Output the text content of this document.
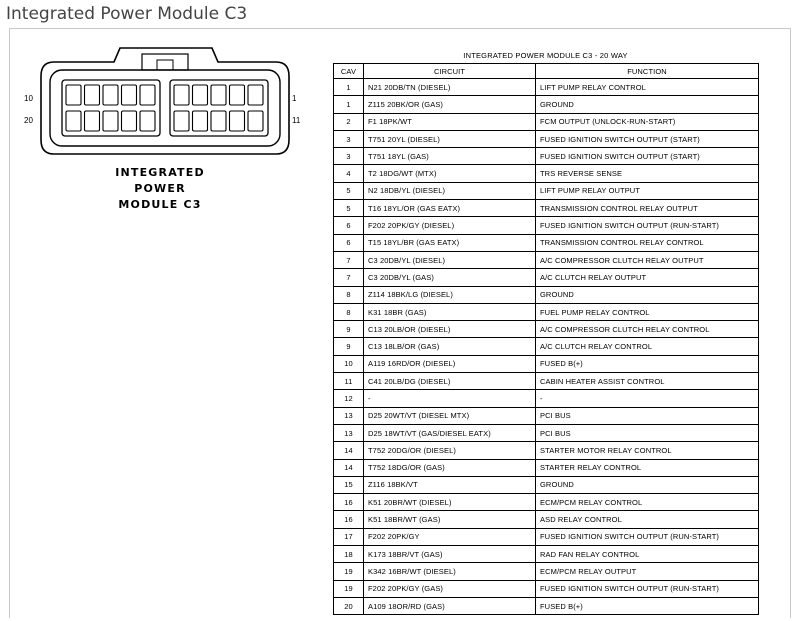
Integrated Power Module C3
10
20
1
11
INTEGRATED
POWER
MODULE C3
INTEGRATED POWER MODULE C3 - 20 WAY
CAV	CIRCUIT	FUNCTION
1	N21 20DB/TN (DIESEL)	LIFT PUMP RELAY CONTROL
1	Z115 20BK/OR (GAS)	GROUND
2	F1 18PK/WT	FCM OUTPUT (UNLOCK-RUN-START)
3	T751 20YL (DIESEL)	FUSED IGNITION SWITCH OUTPUT (START)
3	T751 18YL (GAS)	FUSED IGNITION SWITCH OUTPUT (START)
4	T2 18DG/WT (MTX)	TRS REVERSE SENSE
5	N2 18DB/YL (DIESEL)	LIFT PUMP RELAY OUTPUT
5	T16 18YL/OR (GAS EATX)	TRANSMISSION CONTROL RELAY OUTPUT
6	F202 20PK/GY (DIESEL)	FUSED IGNITION SWITCH OUTPUT (RUN-START)
6	T15 18YL/BR (GAS EATX)	TRANSMISSION CONTROL RELAY CONTROL
7	C3 20DB/YL (DIESEL)	A/C COMPRESSOR CLUTCH RELAY OUTPUT
7	C3 20DB/YL (GAS)	A/C CLUTCH RELAY OUTPUT
8	Z114 18BK/LG (DIESEL)	GROUND
8	K31 18BR (GAS)	FUEL PUMP RELAY CONTROL
9	C13 20LB/OR (DIESEL)	A/C COMPRESSOR CLUTCH RELAY CONTROL
9	C13 18LB/OR (GAS)	A/C CLUTCH RELAY CONTROL
10	A119 16RD/OR (DIESEL)	FUSED B(+)
11	C41 20LB/DG (DIESEL)	CABIN HEATER ASSIST CONTROL
12	-	-
13	D25 20WT/VT (DIESEL MTX)	PCI BUS
13	D25 18WT/VT (GAS/DIESEL EATX)	PCI BUS
14	T752 20DG/OR (DIESEL)	STARTER MOTOR RELAY CONTROL
14	T752 18DG/OR (GAS)	STARTER RELAY CONTROL
15	Z116 18BK/VT	GROUND
16	K51 20BR/WT (DIESEL)	ECM/PCM RELAY CONTROL
16	K51 18BR/WT (GAS)	ASD RELAY CONTROL
17	F202 20PK/GY	FUSED IGNITION SWITCH OUTPUT (RUN-START)
18	K173 18BR/VT (GAS)	RAD FAN RELAY CONTROL
19	K342 16BR/WT (DIESEL)	ECM/PCM RELAY OUTPUT
19	F202 20PK/GY (GAS)	FUSED IGNITION SWITCH OUTPUT (RUN-START)
20	A109 18OR/RD (GAS)	FUSED B(+)
